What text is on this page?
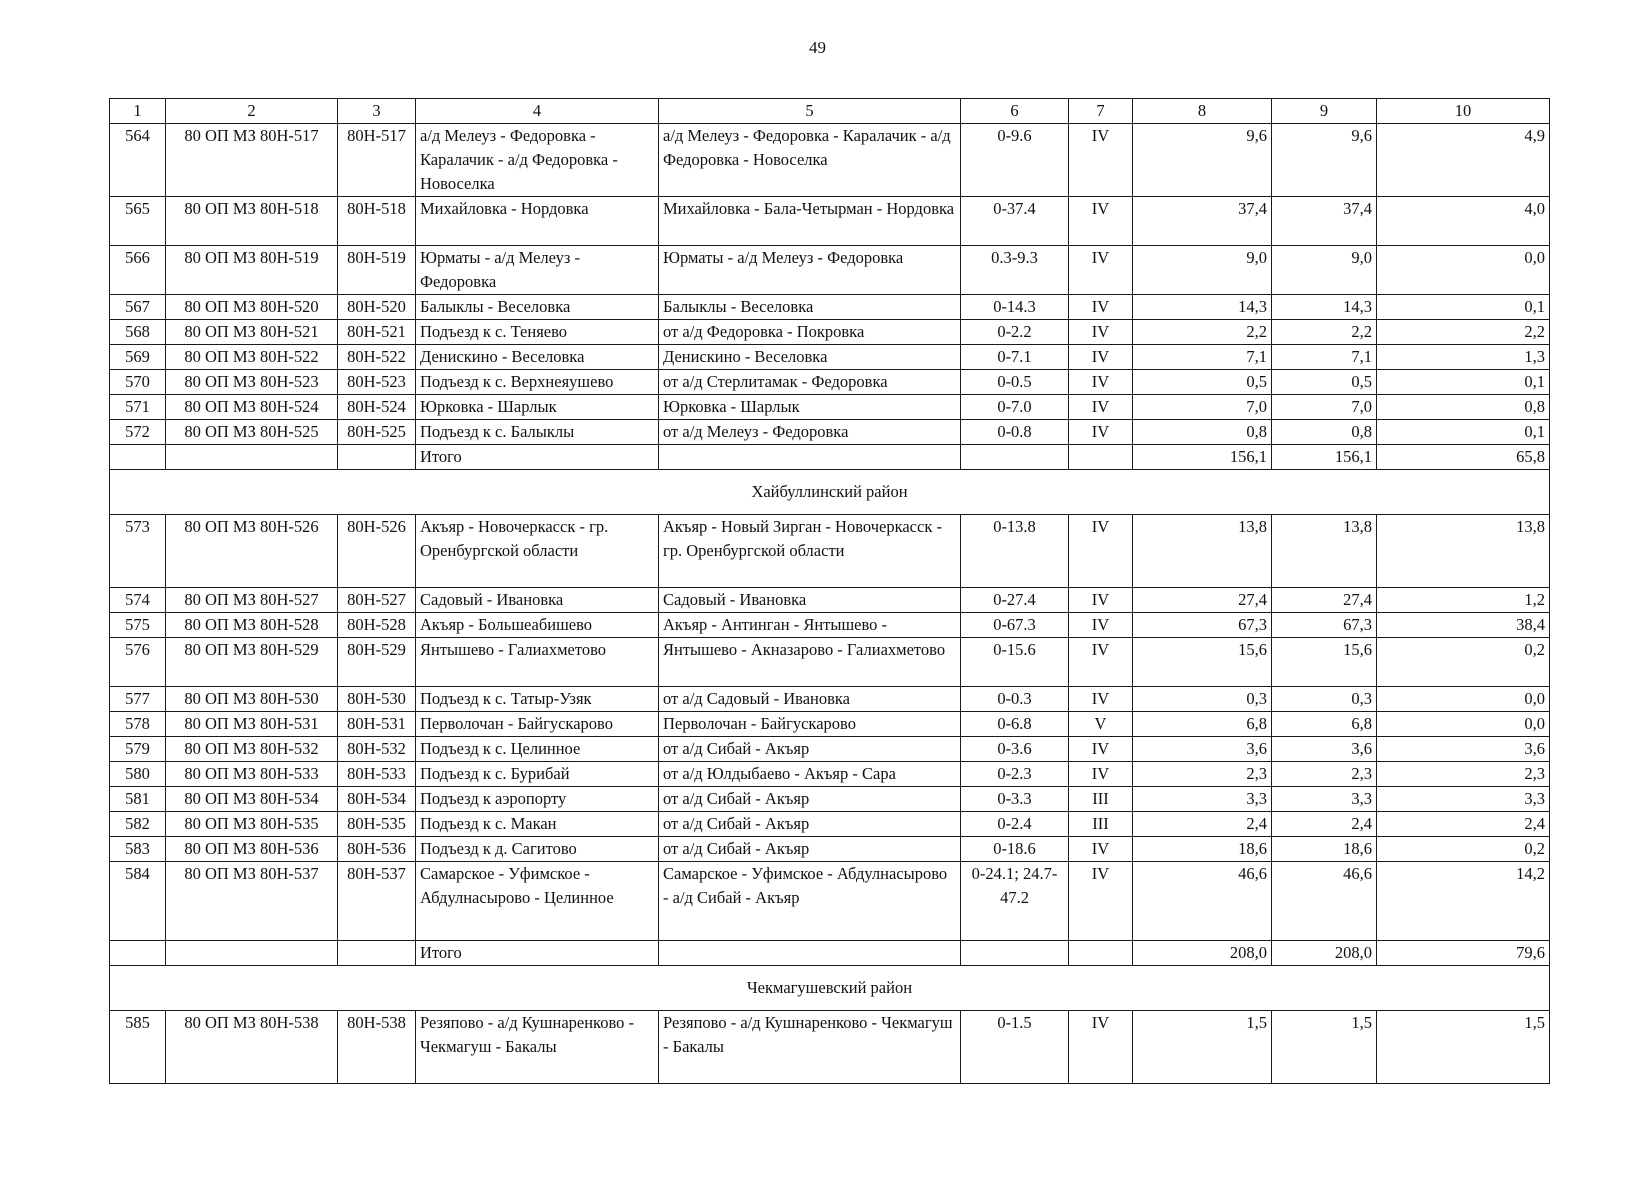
49
1	2	3	4	5	6	7	8	9	10
564	80 ОП МЗ 80Н-517	80Н-517	а/д Мелеуз - Федоровка - Каралачик - а/д Федоровка - Новоселка	а/д Мелеуз - Федоровка - Каралачик - а/д Федоровка - Новоселка	0-9.6	IV	9,6	9,6	4,9
565	80 ОП МЗ 80Н-518	80Н-518	Михайловка - Нордовка	Михайловка - Бала-Четырман - Нордовка	0-37.4	IV	37,4	37,4	4,0
566	80 ОП МЗ 80Н-519	80Н-519	Юрматы - а/д Мелеуз - Федоровка	Юрматы - а/д Мелеуз - Федоровка	0.3-9.3	IV	9,0	9,0	0,0
567	80 ОП МЗ 80Н-520	80Н-520	Балыклы - Веселовка	Балыклы - Веселовка	0-14.3	IV	14,3	14,3	0,1
568	80 ОП МЗ 80Н-521	80Н-521	Подъезд к с. Теняево	от а/д Федоровка - Покровка	0-2.2	IV	2,2	2,2	2,2
569	80 ОП МЗ 80Н-522	80Н-522	Денискино - Веселовка	Денискино - Веселовка	0-7.1	IV	7,1	7,1	1,3
570	80 ОП МЗ 80Н-523	80Н-523	Подъезд к с. Верхнеяушево	от а/д Стерлитамак - Федоровка	0-0.5	IV	0,5	0,5	0,1
571	80 ОП МЗ 80Н-524	80Н-524	Юрковка - Шарлык	Юрковка - Шарлык	0-7.0	IV	7,0	7,0	0,8
572	80 ОП МЗ 80Н-525	80Н-525	Подъезд к с. Балыклы	от а/д Мелеуз - Федоровка	0-0.8	IV	0,8	0,8	0,1
			Итого				156,1	156,1	65,8
Хайбуллинский район									
573	80 ОП МЗ 80Н-526	80Н-526	Акъяр - Новочеркасск - гр. Оренбургской области	Акъяр - Новый Зирган - Новочеркасск - гр. Оренбургской области	0-13.8	IV	13,8	13,8	13,8
574	80 ОП МЗ 80Н-527	80Н-527	Садовый - Ивановка	Садовый - Ивановка	0-27.4	IV	27,4	27,4	1,2
575	80 ОП МЗ 80Н-528	80Н-528	Акъяр - Большеабишево	Акъяр - Антинган - Янтышево -	0-67.3	IV	67,3	67,3	38,4
576	80 ОП МЗ 80Н-529	80Н-529	Янтышево - Галиахметово	Янтышево - Акназарово - Галиахметово	0-15.6	IV	15,6	15,6	0,2
577	80 ОП МЗ 80Н-530	80Н-530	Подъезд к с. Татыр-Узяк	от а/д Садовый - Ивановка	0-0.3	IV	0,3	0,3	0,0
578	80 ОП МЗ 80Н-531	80Н-531	Перволочан - Байгускарово	Перволочан - Байгускарово	0-6.8	V	6,8	6,8	0,0
579	80 ОП МЗ 80Н-532	80Н-532	Подъезд к с. Целинное	от а/д Сибай - Акъяр	0-3.6	IV	3,6	3,6	3,6
580	80 ОП МЗ 80Н-533	80Н-533	Подъезд к с. Бурибай	от а/д Юлдыбаево - Акъяр - Сара	0-2.3	IV	2,3	2,3	2,3
581	80 ОП МЗ 80Н-534	80Н-534	Подъезд к аэропорту	от а/д Сибай - Акъяр	0-3.3	III	3,3	3,3	3,3
582	80 ОП МЗ 80Н-535	80Н-535	Подъезд к с. Макан	от а/д Сибай - Акъяр	0-2.4	III	2,4	2,4	2,4
583	80 ОП МЗ 80Н-536	80Н-536	Подъезд к д. Сагитово	от а/д Сибай - Акъяр	0-18.6	IV	18,6	18,6	0,2
584	80 ОП МЗ 80Н-537	80Н-537	Самарское - Уфимское - Абдулнасырово - Целинное	Самарское - Уфимское - Абдулнасырово - а/д Сибай - Акъяр	0-24.1; 24.7-47.2	IV	46,6	46,6	14,2
			Итого				208,0	208,0	79,6
Чекмагушевский район									
585	80 ОП МЗ 80Н-538	80Н-538	Резяпово - а/д Кушнаренково - Чекмагуш - Бакалы	Резяпово - а/д Кушнаренково - Чекмагуш - Бакалы	0-1.5	IV	1,5	1,5	1,5
